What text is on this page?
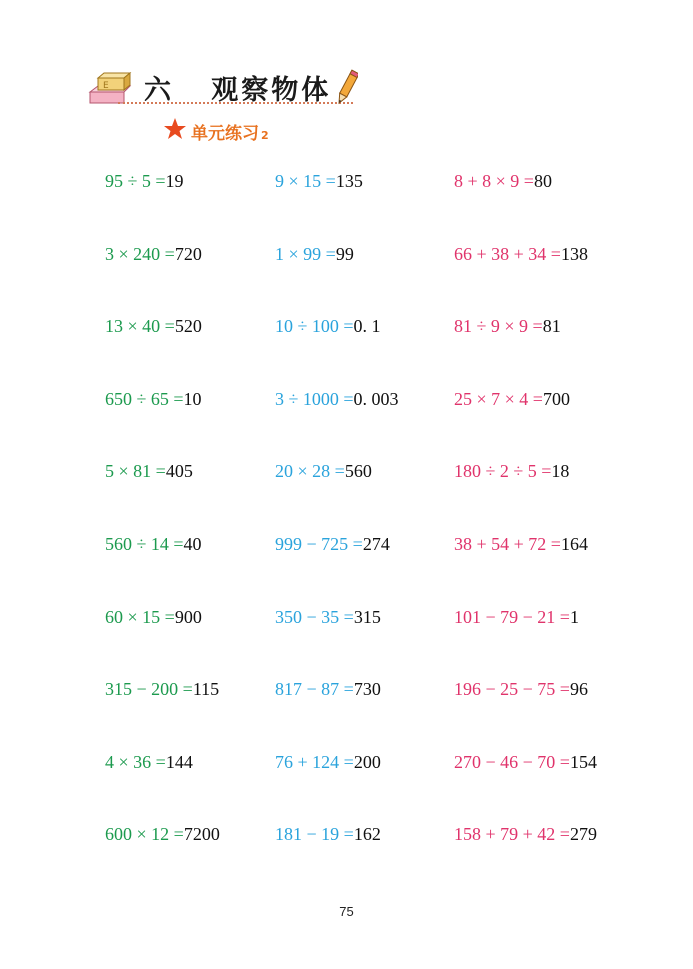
E 六   观察物体
单元练习 2
95 ÷ 5 =19
3 × 240 =720
13 × 40 =520
650 ÷ 65 =10
5 × 81 =405
560 ÷ 14 =40
60 × 15 =900
315 − 200 =115
4 × 36 =144
600 × 12 =7200
9 × 15 =135
1 × 99 =99
10 ÷ 100 =0. 1
3 ÷ 1000 =0. 003
20 × 28 =560
999 − 725 =274
350 − 35 =315
817 − 87 =730
76 + 124 =200
181 − 19 =162
8 + 8 × 9 =80
66 + 38 + 34 =138
81 ÷ 9 × 9 =81
25 × 7 × 4 =700
180 ÷ 2 ÷ 5 =18
38 + 54 + 72 =164
101 − 79 − 21 =1
196 − 25 − 75 =96
270 − 46 − 70 =154
158 + 79 + 42 =279
75
